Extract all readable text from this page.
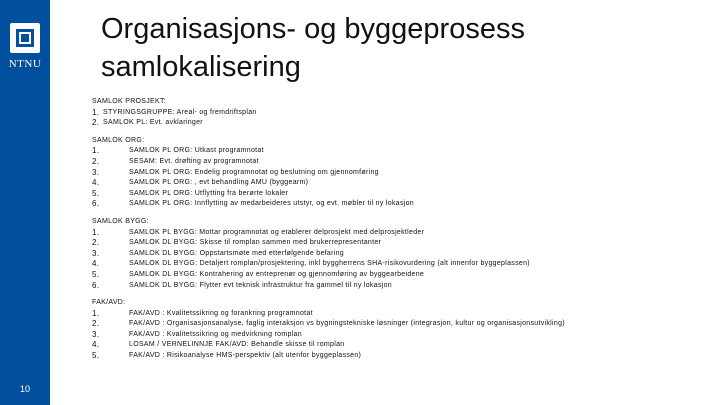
NTNU
10
Organisasjons- og byggeprosess
samlokalisering
SAMLOK PROSJEKT:
1. STYRINGSGRUPPE: Areal- og fremdriftsplan
2. SAMLOK PL: Evt. avklaringer
SAMLOK ORG:
1.	SAMLOK PL ORG: Utkast programnotat
2.	SESAM: Evt. drøfting av programnotat
3.	SAMLOK PL ORG: Endelig programnotat og beslutning om gjennomføring
4.	SAMLOK PL ORG: , evt behandling AMU (byggearm)
5.	SAMLOK PL ORG: Utflytting fra berørte lokaler
6.	SAMLOK PL ORG: Innflytting av medarbeideres utstyr, og evt. møbler til ny lokasjon
SAMLOK BYGG:
1.	SAMLOK PL BYGG: Mottar programnotat og etablerer delprosjekt med delprosjektleder
2.	SAMLOK DL BYGG: Skisse til romplan sammen med brukerrepresentanter
3.	SAMLOK DL BYGG: Oppstartsmøte med etterfølgende befaring
4.	SAMLOK DL BYGG: Detaljert romplan/prosjektering, inkl byggherrens SHA-risikovurdering (alt innenfor byggeplassen)
5.	SAMLOK DL BYGG: Kontrahering av entreprenør og gjennomføring av byggearbeidene
6.	SAMLOK DL BYGG: Flytter evt teknisk infrastruktur fra gammel til ny lokasjon
FAK/AVD:
1.	FAK/AVD : Kvalitetssikring og forankring programnotat
2.	FAK/AVD : Organisasjonsanalyse, faglig interaksjon vs bygningstekniske løsninger (integrasjon, kultur og organisasjonsutvikling)
3.	FAK/AVD : Kvalitetssikring og medvirkning romplan
4.	LOSAM / VERNELINNJE FAK/AVD: Behandle skisse til romplan
5.	FAK/AVD : Risikoanalyse HMS-perspektiv (alt utenfor byggeplassen)
